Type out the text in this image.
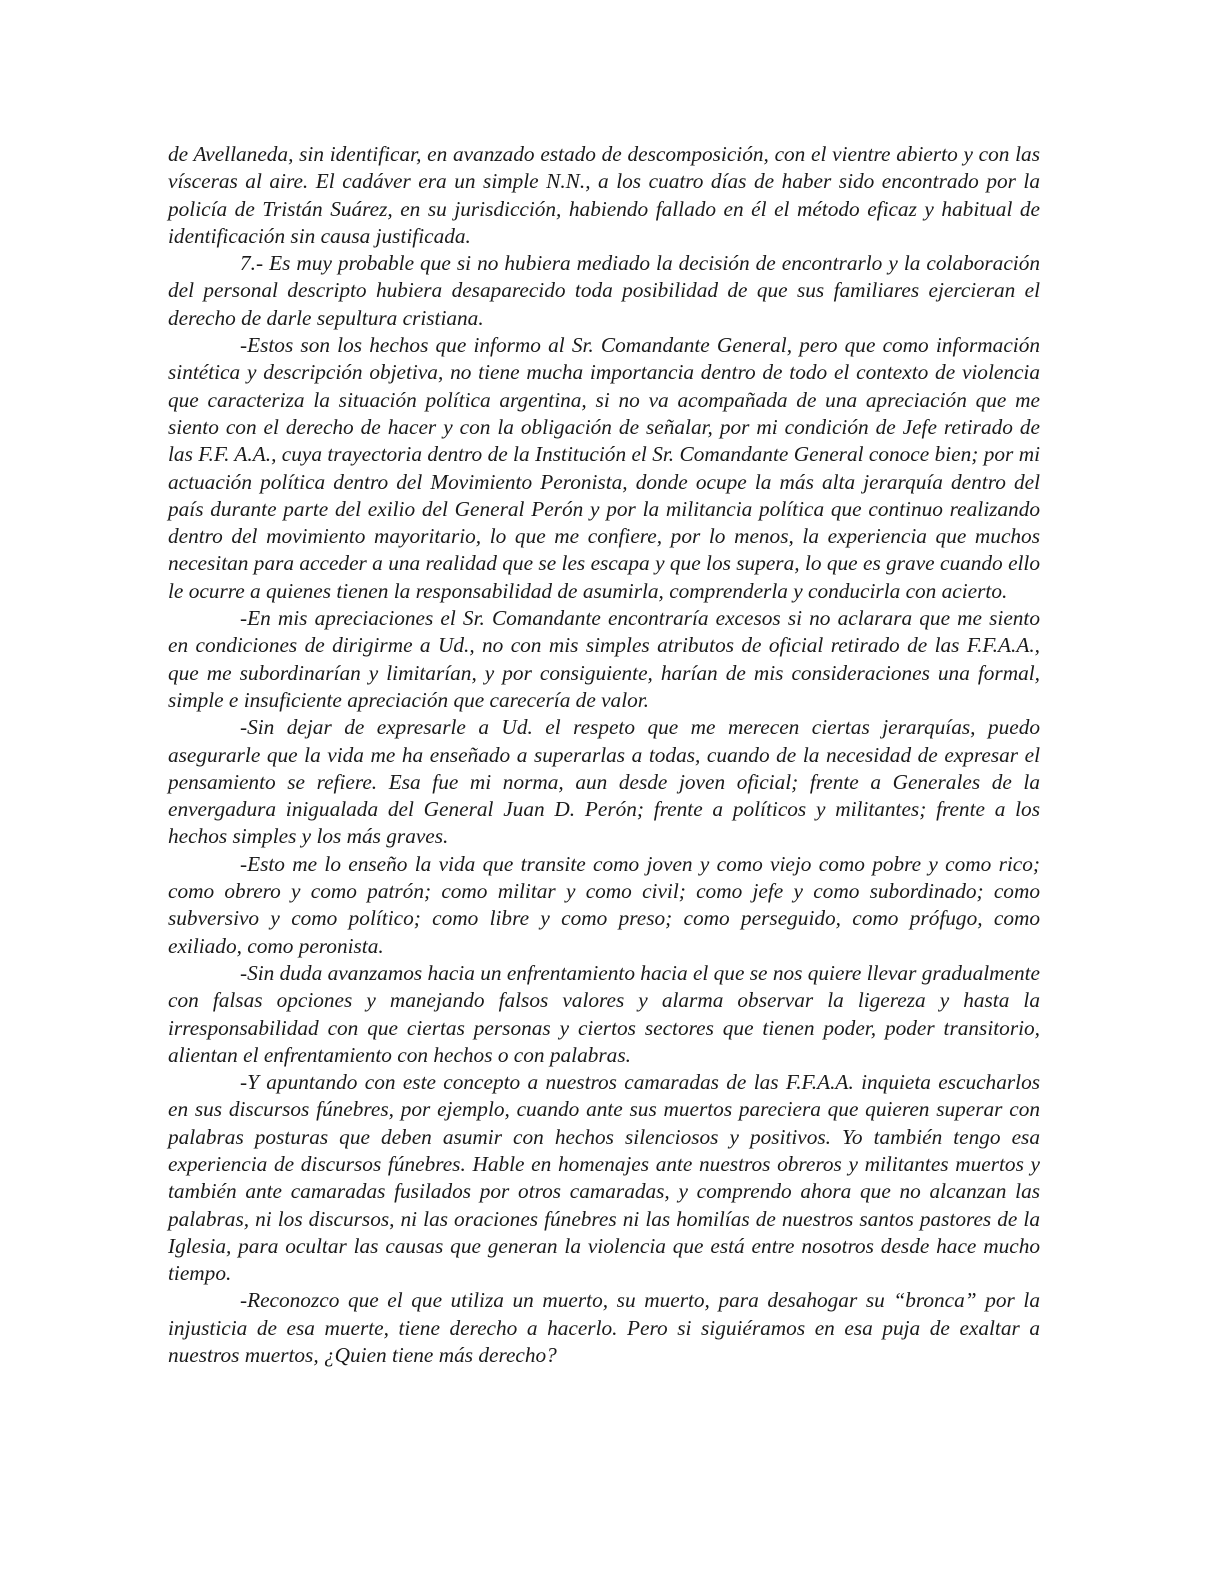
de Avellaneda, sin identificar, en avanzado estado de descomposición, con el vientre abierto y con las vísceras al aire. El cadáver era un simple N.N., a los cuatro días de haber sido encontrado por la policía de Tristán Suárez, en su jurisdicción, habiendo fallado en él el método eficaz y habitual de identificación sin causa justificada.

7.- Es muy probable que si no hubiera mediado la decisión de encontrarlo y la colaboración del personal descripto hubiera desaparecido toda posibilidad de que sus familiares ejercieran el derecho de darle sepultura cristiana.

-Estos son los hechos que informo al Sr. Comandante General, pero que como información sintética y descripción objetiva, no tiene mucha importancia dentro de todo el contexto de violencia que caracteriza la situación política argentina, si no va acompañada de una apreciación que me siento con el derecho de hacer y con la obligación de señalar, por mi condición de Jefe retirado de las F.F. A.A., cuya trayectoria dentro de la Institución el Sr. Comandante General conoce bien; por mi actuación política dentro del Movimiento Peronista, donde ocupe la más alta jerarquía dentro del país durante parte del exilio del General Perón y por la militancia política que continuo realizando dentro del movimiento mayoritario, lo que me confiere, por lo menos, la experiencia que muchos necesitan para acceder a una realidad que se les escapa y que los supera, lo que es grave cuando ello le ocurre a quienes tienen la responsabilidad de asumirla, comprenderla y conducirla con acierto.

-En mis apreciaciones el Sr. Comandante encontraría excesos si no aclarara que me siento en condiciones de dirigirme a Ud., no con mis simples atributos de oficial retirado de las F.F.A.A., que me subordinarían y limitarían, y por consiguiente, harían de mis consideraciones una formal, simple e insuficiente apreciación que carecería de valor.

-Sin dejar de expresarle a Ud. el respeto que me merecen ciertas jerarquías, puedo asegurarle que la vida me ha enseñado a superarlas a todas, cuando de la necesidad de expresar el pensamiento se refiere. Esa fue mi norma, aun desde joven oficial; frente a Generales de la envergadura inigualada del General Juan D. Perón; frente a políticos y militantes; frente a los hechos simples y los más graves.

-Esto me lo enseño la vida que transite como joven y como viejo como pobre y como rico; como obrero y como patrón; como militar y como civil; como jefe y como subordinado; como subversivo y como político; como libre y como preso; como perseguido, como prófugo, como exiliado, como peronista.

-Sin duda avanzamos hacia un enfrentamiento hacia el que se nos quiere llevar gradualmente con falsas opciones y manejando falsos valores y alarma observar la ligereza y hasta la irresponsabilidad con que ciertas personas y ciertos sectores que tienen poder, poder transitorio, alientan el enfrentamiento con hechos o con palabras.

-Y apuntando con este concepto a nuestros camaradas de las F.F.A.A. inquieta escucharlos en sus discursos fúnebres, por ejemplo, cuando ante sus muertos pareciera que quieren superar con palabras posturas que deben asumir con hechos silenciosos y positivos. Yo también tengo esa experiencia de discursos fúnebres. Hable en homenajes ante nuestros obreros y militantes muertos y también ante camaradas fusilados por otros camaradas, y comprendo ahora que no alcanzan las palabras, ni los discursos, ni las oraciones fúnebres ni las homilías de nuestros santos pastores de la Iglesia, para ocultar las causas que generan la violencia que está entre nosotros desde hace mucho tiempo.

-Reconozco que el que utiliza un muerto, su muerto, para desahogar su “bronca” por la injusticia de esa muerte, tiene derecho a hacerlo. Pero si siguiéramos en esa puja de exaltar a nuestros muertos, ¿Quien tiene más derecho?
